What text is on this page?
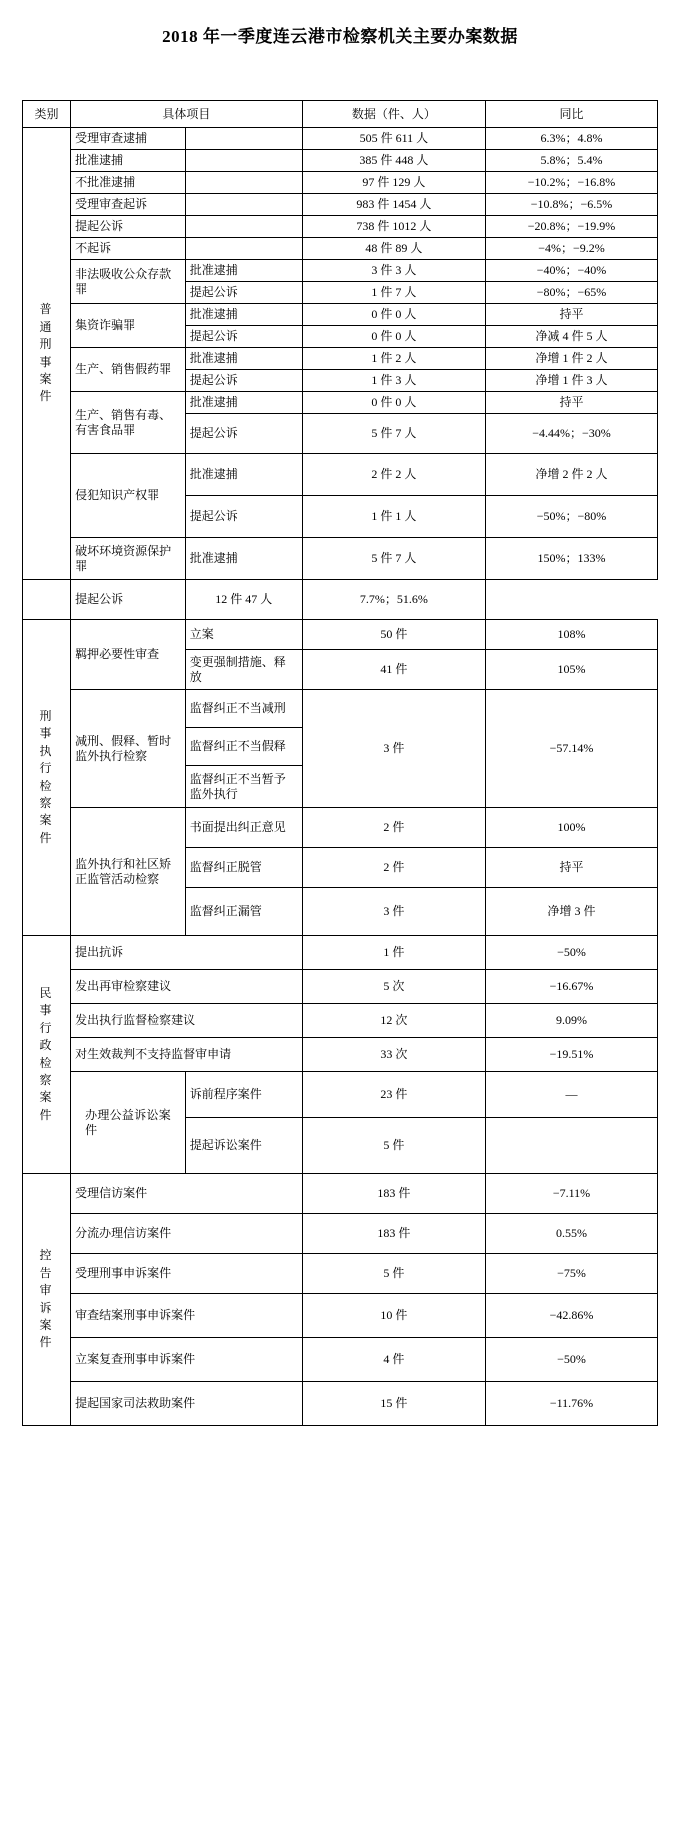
2018 年一季度连云港市检察机关主要办案数据
类别	具体项目		数据（件、人）	同比

普通刑事案件	受理审查逮捕		505 件 611 人	6.3%；4.8%
	批准逮捕		385 件 448 人	5.8%；5.4%
	不批准逮捕		97 件 129 人	−10.2%；−16.8%
	受理审查起诉		983 件 1454 人	−10.8%；−6.5%
	提起公诉		738 件 1012 人	−20.8%；−19.9%
	不起诉		48 件 89 人	−4%；−9.2%
	非法吸收公众存款罪	批准逮捕	3 件 3 人	−40%；−40%
		提起公诉	1 件 7 人	−80%；−65%
	集资诈骗罪	批准逮捕	0 件 0 人	持平
		提起公诉	0 件 0 人	净减 4 件 5 人
	生产、销售假药罪	批准逮捕	1 件 2 人	净增 1 件 2 人
		提起公诉	1 件 3 人	净增 1 件 3 人
	生产、销售有毒、有害食品罪	批准逮捕	0 件 0 人	持平
		提起公诉	5 件 7 人	−4.44%；−30%
	侵犯知识产权罪	批准逮捕	2 件 2 人	净增 2 件 2 人
		提起公诉	1 件 1 人	−50%；−80%
	破坏环境资源保护罪	批准逮捕	5 件 7 人	150%；133%

	提起公诉	12 件 47 人	7.7%；51.6%	

刑事执行检察案件	羁押必要性审查	立案	50 件	108%
		变更强制措施、释放	41 件	105%
	减刑、假释、暂时监外执行检察	监督纠正不当减刑	3 件	−57.14%
		监督纠正不当假释		
		监督纠正不当暂予监外执行		
	监外执行和社区矫正监管活动检察	书面提出纠正意见	2 件	100%
		监督纠正脱管	2 件	持平
		监督纠正漏管	3 件	净增 3 件

民事行政检察案件	提出抗诉		1 件	−50%
	发出再审检察建议		5 次	−16.67%
	发出执行监督检察建议		12 次	9.09%
	对生效裁判不支持监督审申请		33 次	−19.51%

	办理公益诉讼案件	诉前程序案件	23 件	—
		提起诉讼案件	5 件	

控告审诉案件	受理信访案件		183 件	−7.11%
	分流办理信访案件		183 件	0.55%
	受理刑事申诉案件		5 件	−75%
	审查结案刑事申诉案件		10 件	−42.86%
	立案复查刑事申诉案件		4 件	−50%
	提起国家司法救助案件		15 件	−11.76%
